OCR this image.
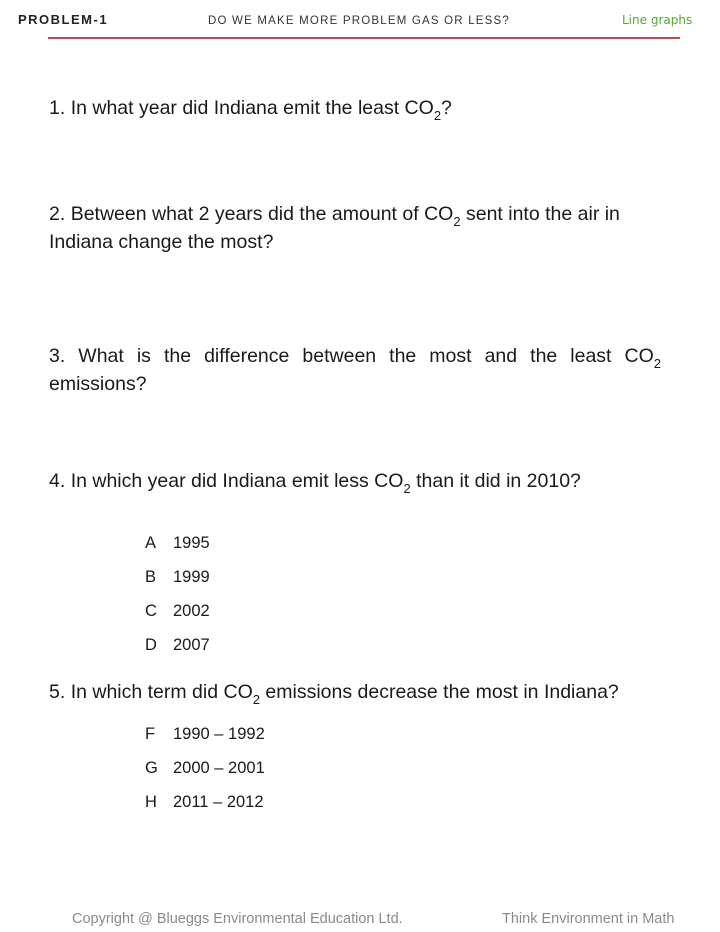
PROBLEM-1	DO WE MAKE MORE PROBLEM GAS OR LESS?	Line graphs
1. In what year did Indiana emit the least $CO_2$?
2. Between what 2 years did the amount of $CO_2$ sent into the air in Indiana change the most?
3. What is the difference between the most and the least $CO_2$ emissions?
4. In which year did Indiana emit less $CO_2$ than it did in 2010?
A 1995
B 1999
C 2002
D 2007
5. In which term did $CO_2$ emissions decrease the most in Indiana?
F 1990 – 1992
G 2000 – 2001
H 2011 – 2012
Copyright @ Blueggs Environmental Education Ltd.	Think Environment in Math
